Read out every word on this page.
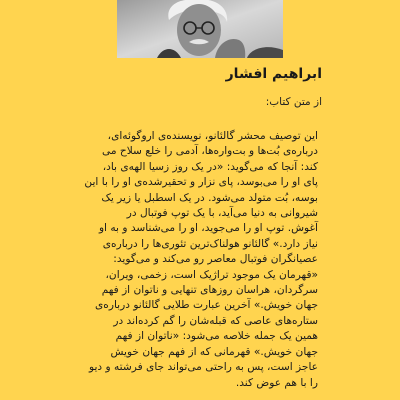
ابراهیم افشار

از متن کتاب:

این توصیف محشر گالئانو، نویسنده‌ی اروگوئه‌ای،
درباره‌ی بُت‌ها و بت‌واره‌ها، آدمی را خلع سلاح می
کند: آنجا که می‌گوید: «در یک روز زسیا الهه‌ی باد،
پای او را می‌بوسد، پای نزار و تحقیرشده‌ی او را با این
بوسه، بُت متولد می‌شود. در یک اسطبل یا زیر یک
شیروانی به دنیا می‌آید، با یک توپ فوتبال در
آغوش. توپ او را می‌جوید، او را می‌شناسد و به او
نیاز دارد.» گالئانو هولناک‌ترین تئوری‌ها را درباره‌ی
عصیانگران فوتبال معاصر رو می‌کند و می‌گوید:
«قهرمان یک موجود تراژیک است، زخمی، ویران،
سرگردان، هراسان روزهای تنهایی و ناتوان از فهم
جهان خویش.» آخرین عبارت طلایی گالئانو درباره‌ی
ستاره‌های عاصی که قبله‌شان را گم کرده‌اند در
همین یک جمله خلاصه می‌شود: «ناتوان از فهم
جهان خویش.» قهرمانی که از فهم جهان خویش
عاجز است، پس به راحتی می‌تواند جای فرشته و دیو
را با هم عوض کند.
